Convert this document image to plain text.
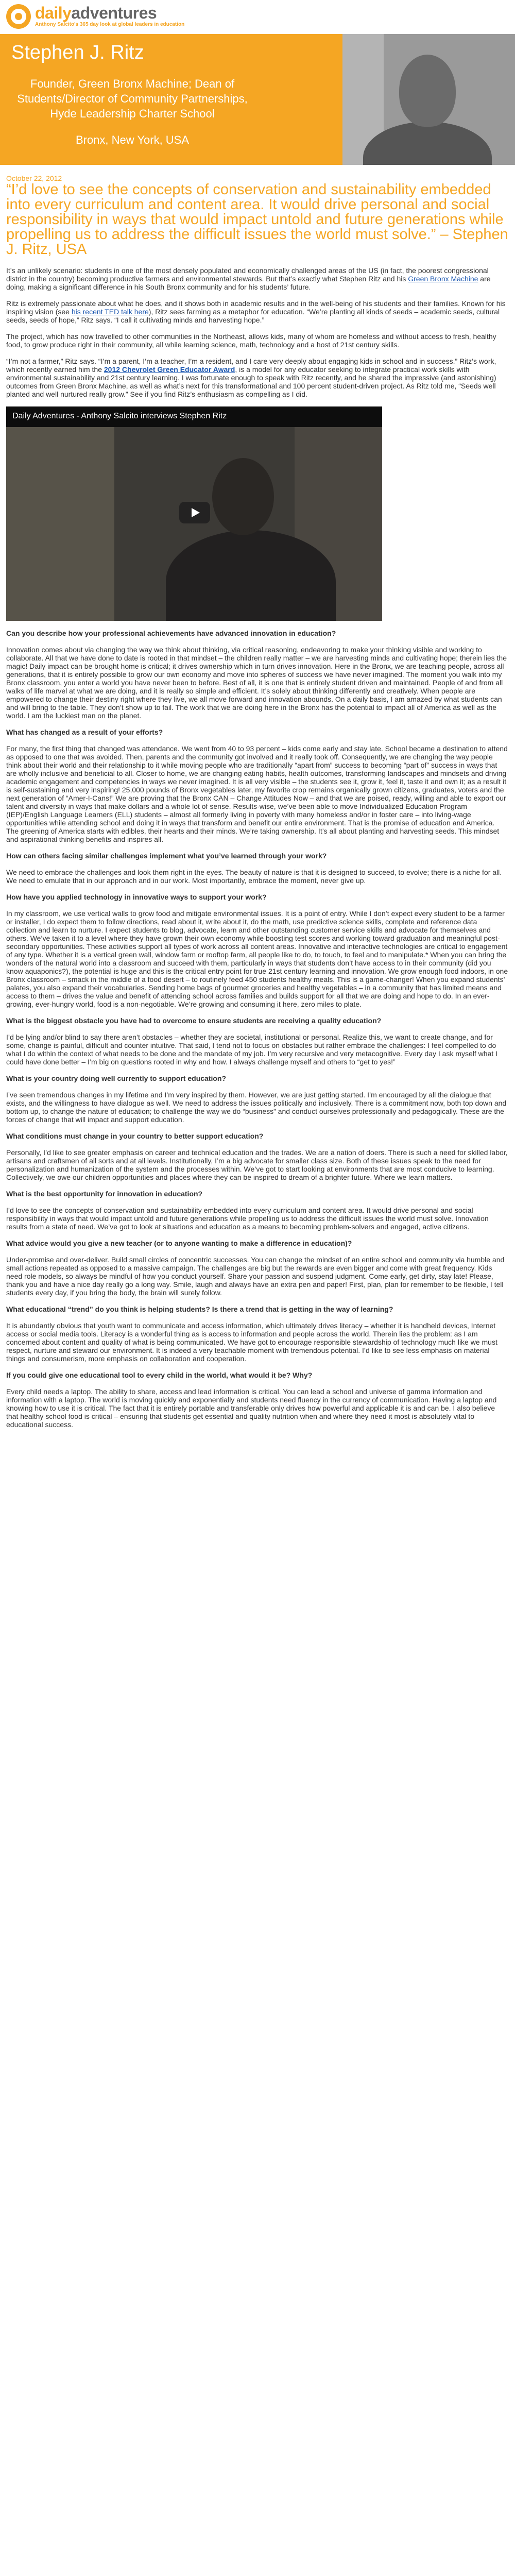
dailyadventures
Anthony Salcito's 365 day look at global leaders in education
Stephen J. Ritz
Founder, Green Bronx Machine; Dean of Students/Director of Community Partnerships, Hyde Leadership Charter School
Bronx, New York, USA
October 22, 2012
“I’d love to see the concepts of conservation and sustainability embedded into every curriculum and content area. It would drive personal and social responsibility in ways that would impact untold and future generations while propelling us to address the difficult issues the world must solve.” – Stephen J. Ritz, USA

It’s an unlikely scenario: students in one of the most densely populated and economically challenged areas of the US (in fact, the poorest congressional district in the country) becoming productive farmers and environmental stewards. But that’s exactly what Stephen Ritz and his Green Bronx Machine are doing, making a significant difference in his South Bronx community and for his students’ future.

Ritz is extremely passionate about what he does, and it shows both in academic results and in the well-being of his students and their families. Known for his inspiring vision (see his recent TED talk here), Ritz sees farming as a metaphor for education. “We’re planting all kinds of seeds – academic seeds, cultural seeds, seeds of hope,” Ritz says. “I call it cultivating minds and harvesting hope.”

The project, which has now travelled to other communities in the Northeast, allows kids, many of whom are homeless and without access to fresh, healthy food, to grow produce right in their community, all while learning science, math, technology and a host of 21st century skills.

“I’m not a farmer,” Ritz says. “I’m a parent, I’m a teacher, I’m a resident, and I care very deeply about engaging kids in school and in success.” Ritz’s work, which recently earned him the 2012 Chevrolet Green Educator Award, is a model for any educator seeking to integrate practical work skills with environmental sustainability and 21st century learning. I was fortunate enough to speak with Ritz recently, and he shared the impressive (and astonishing) outcomes from Green Bronx Machine, as well as what’s next for this transformational and 100 percent student-driven project. As Ritz told me, “Seeds well planted and well nurtured really grow.” See if you find Ritz’s enthusiasm as compelling as I did.

Daily Adventures - Anthony Salcito interviews Stephen Ritz

Can you describe how your professional achievements have advanced innovation in education?

Innovation comes about via changing the way we think about thinking, via critical reasoning, endeavoring to make your thinking visible and working to collaborate. All that we have done to date is rooted in that mindset – the children really matter – we are harvesting minds and cultivating hope; therein lies the magic! Daily impact can be brought home is critical; it drives ownership which in turn drives innovation. Here in the Bronx, we are teaching people, across all generations, that it is entirely possible to grow our own economy and move into spheres of success we have never imagined. The moment you walk into my Bronx classroom, you enter a world you have never been to before. Best of all, it is one that is entirely student driven and maintained. People of and from all walks of life marvel at what we are doing, and it is really so simple and efficient. It’s solely about thinking differently and creatively. When people are empowered to change their destiny right where they live, we all move forward and innovation abounds. On a daily basis, I am amazed by what students can and will bring to the table. They don’t show up to fail. The work that we are doing here in the Bronx has the potential to impact all of America as well as the world. I am the luckiest man on the planet.

What has changed as a result of your efforts?

For many, the first thing that changed was attendance. We went from 40 to 93 percent – kids come early and stay late. School became a destination to attend as opposed to one that was avoided. Then, parents and the community got involved and it really took off. Consequently, we are changing the way people think about their world and their relationship to it while moving people who are traditionally “apart from” success to becoming “part of” success in ways that are wholly inclusive and beneficial to all. Closer to home, we are changing eating habits, health outcomes, transforming landscapes and mindsets and driving academic engagement and competencies in ways we never imagined. It is all very visible – the students see it, grow it, feel it, taste it and own it; as a result it is self-sustaining and very inspiring! 25,000 pounds of Bronx vegetables later, my favorite crop remains organically grown citizens, graduates, voters and the next generation of “Amer-I-Cans!” We are proving that the Bronx CAN – Change Attitudes Now – and that we are poised, ready, willing and able to export our talent and diversity in ways that make dollars and a whole lot of sense. Results-wise, we’ve been able to move Individualized Education Program (IEP)/English Language Learners (ELL) students – almost all formerly living in poverty with many homeless and/or in foster care – into living-wage opportunities while attending school and doing it in ways that transform and benefit our entire environment. That is the promise of education and America. The greening of America starts with edibles, their hearts and their minds. We’re taking ownership. It’s all about planting and harvesting seeds. This mindset and aspirational thinking benefits and inspires all.

How can others facing similar challenges implement what you’ve learned through your work?

We need to embrace the challenges and look them right in the eyes. The beauty of nature is that it is designed to succeed, to evolve; there is a niche for all. We need to emulate that in our approach and in our work. Most importantly, embrace the moment, never give up.

How have you applied technology in innovative ways to support your work?

In my classroom, we use vertical walls to grow food and mitigate environmental issues. It is a point of entry. While I don’t expect every student to be a farmer or installer, I do expect them to follow directions, read about it, write about it, do the math, use predictive science skills, complete and reference data collection and learn to nurture. I expect students to blog, advocate, learn and other outstanding customer service skills and advocate for themselves and others. We’ve taken it to a level where they have grown their own economy while boosting test scores and working toward graduation and meaningful post-secondary opportunities. These activities support all types of work across all content areas. Innovative and interactive technologies are critical to engagement of any type. Whether it is a vertical green wall, window farm or rooftop farm, all people like to do, to touch, to feel and to manipulate.* When you can bring the wonders of the natural world into a classroom and succeed with them, particularly in ways that students don’t have access to in their community (did you know aquaponics?), the potential is huge and this is the critical entry point for true 21st century learning and innovation. We grow enough food indoors, in one Bronx classroom – smack in the middle of a food desert – to routinely feed 450 students healthy meals. This is a game-changer! When you expand students’ palates, you also expand their vocabularies. Sending home bags of gourmet groceries and healthy vegetables – in a community that has limited means and access to them – drives the value and benefit of attending school across families and builds support for all that we are doing and hope to do. In an ever-growing, ever-hungry world, food is a non-negotiable. We’re growing and consuming it here, zero miles to plate.

What is the biggest obstacle you have had to overcome to ensure students are receiving a quality education?

I’d be lying and/or blind to say there aren’t obstacles – whether they are societal, institutional or personal. Realize this, we want to create change, and for some, change is painful, difficult and counter intuitive. That said, I tend not to focus on obstacles but rather embrace the challenges: I feel compelled to do what I do within the context of what needs to be done and the mandate of my job. I’m very recursive and very metacognitive. Every day I ask myself what I could have done better – I’m big on questions rooted in why and how. I always challenge myself and others to “get to yes!”

What is your country doing well currently to support education?

I’ve seen tremendous changes in my lifetime and I’m very inspired by them. However, we are just getting started. I’m encouraged by all the dialogue that exists, and the willingness to have dialogue as well. We need to address the issues politically and inclusively. There is a commitment now, both top down and bottom up, to change the nature of education; to challenge the way we do “business” and conduct ourselves professionally and pedagogically. These are the forces of change that will impact and support education.

What conditions must change in your country to better support education?

Personally, I’d like to see greater emphasis on career and technical education and the trades. We are a nation of doers. There is such a need for skilled labor, artisans and craftsmen of all sorts and at all levels. Institutionally, I’m a big advocate for smaller class size. Both of these issues speak to the need for personalization and humanization of the system and the processes within. We’ve got to start looking at environments that are most conducive to learning. Collectively, we owe our children opportunities and places where they can be inspired to dream of a brighter future. Where we learn matters.

What is the best opportunity for innovation in education?

I’d love to see the concepts of conservation and sustainability embedded into every curriculum and content area. It would drive personal and social responsibility in ways that would impact untold and future generations while propelling us to address the difficult issues the world must solve. Innovation results from a state of need. We’ve got to look at situations and education as a means to becoming problem-solvers and engaged, active citizens.

What advice would you give a new teacher (or to anyone wanting to make a difference in education)?

Under-promise and over-deliver. Build small circles of concentric successes. You can change the mindset of an entire school and community via humble and small actions repeated as opposed to a massive campaign. The challenges are big but the rewards are even bigger and come with great frequency. Kids need role models, so always be mindful of how you conduct yourself. Share your passion and suspend judgment. Come early, get dirty, stay late! Please, thank you and have a nice day really go a long way. Smile, laugh and always have an extra pen and paper! First, plan, plan for remember to be flexible, I tell students every day, if you bring the body, the brain will surely follow.

What educational “trend” do you think is helping students? Is there a trend that is getting in the way of learning?

It is abundantly obvious that youth want to communicate and access information, which ultimately drives literacy – whether it is handheld devices, Internet access or social media tools. Literacy is a wonderful thing as is access to information and people across the world. Therein lies the problem: as I am concerned about content and quality of what is being communicated. We have got to encourage responsible stewardship of technology much like we must respect, nurture and steward our environment. It is indeed a very teachable moment with tremendous potential. I’d like to see less emphasis on material things and consumerism, more emphasis on collaboration and cooperation.

If you could give one educational tool to every child in the world, what would it be? Why?

Every child needs a laptop. The ability to share, access and lead information is critical. You can lead a school and universe of gamma information and information with a laptop. The world is moving quickly and exponentially and students need fluency in the currency of communication. Having a laptop and knowing how to use it is critical. The fact that it is entirely portable and transferable only drives how powerful and applicable it is and can be. I also believe that healthy school food is critical – ensuring that students get essential and quality nutrition when and where they need it most is absolutely vital to educational success.
